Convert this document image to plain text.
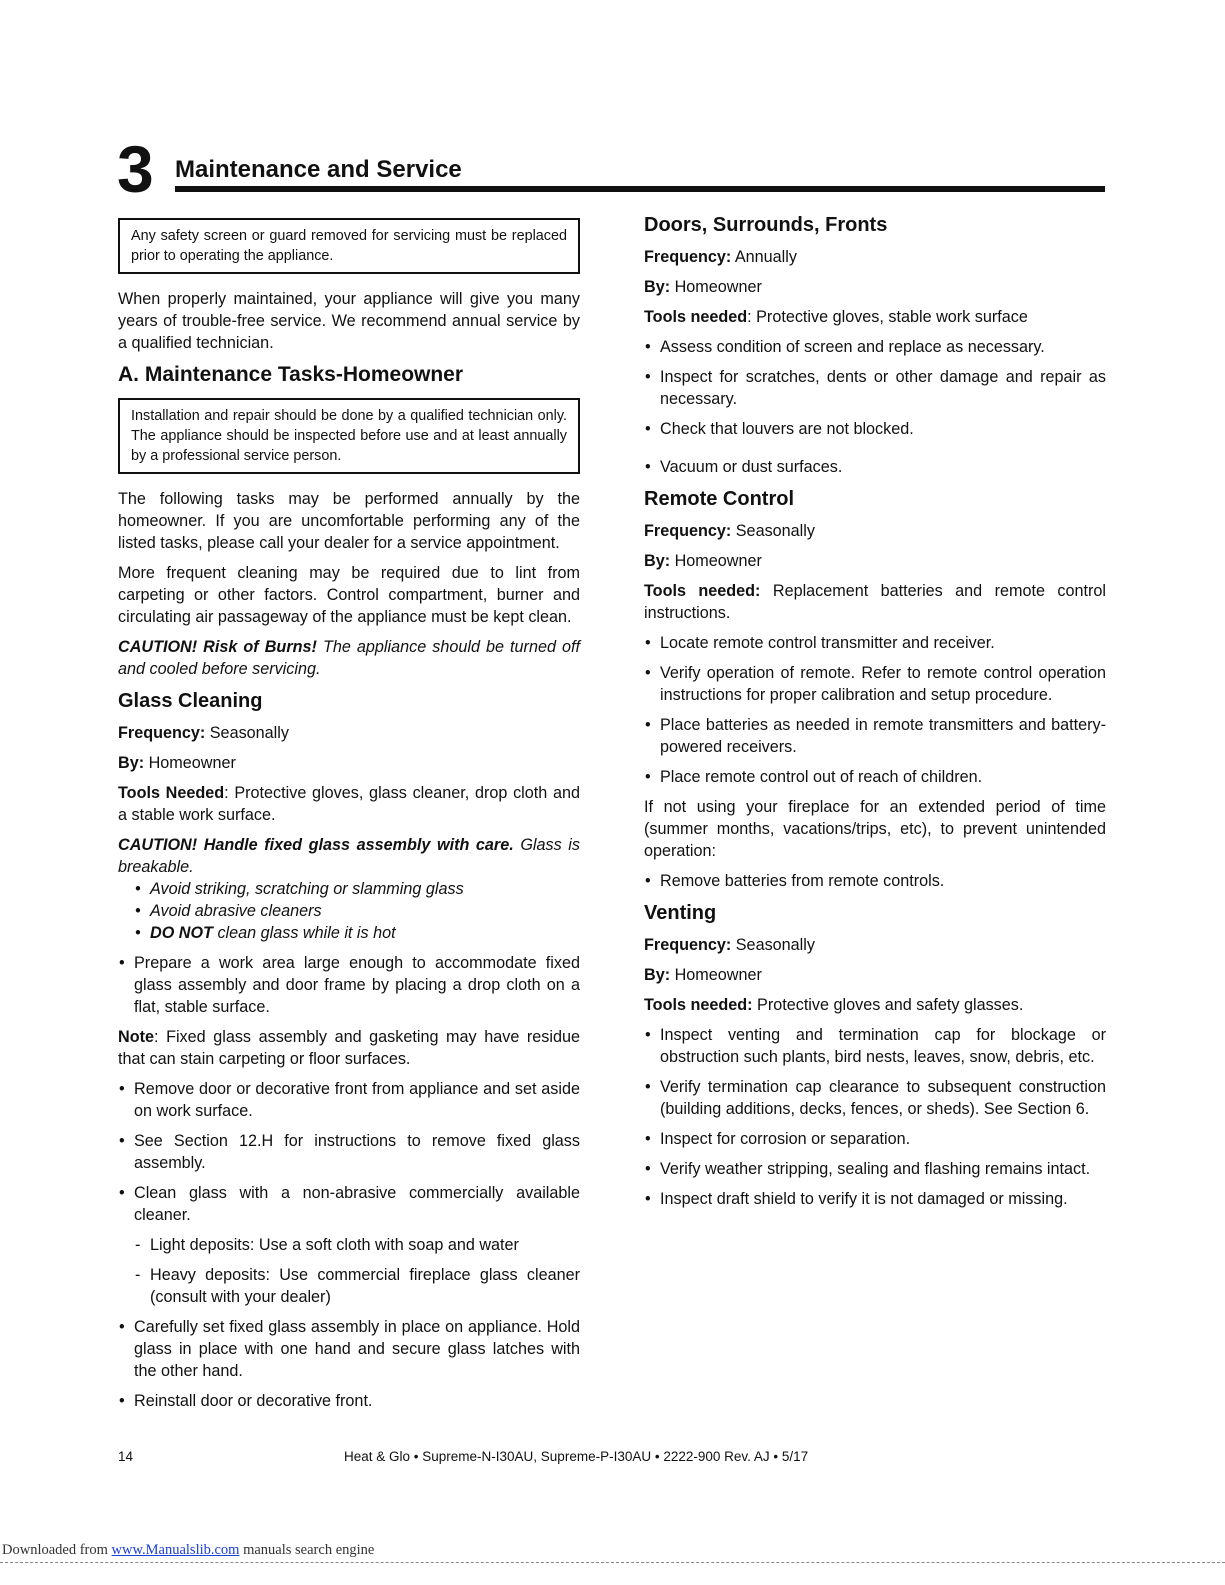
3 Maintenance and Service
Any safety screen or guard removed for servicing must be replaced prior to operating the appliance.

When properly maintained, your appliance will give you many years of trouble-free service. We recommend annual service by a qualified technician.

A. Maintenance Tasks-Homeowner
Installation and repair should be done by a qualified technician only. The appliance should be inspected before use and at least annually by a professional service person.

The following tasks may be performed annually by the homeowner. If you are uncomfortable performing any of the listed tasks, please call your dealer for a service appointment.

More frequent cleaning may be required due to lint from carpeting or other factors. Control compartment, burner and circulating air passageway of the appliance must be kept clean.

CAUTION! Risk of Burns! The appliance should be turned off and cooled before servicing.

Glass Cleaning

Frequency: Seasonally

By: Homeowner

Tools Needed: Protective gloves, glass cleaner, drop cloth and a stable work surface.

CAUTION! Handle fixed glass assembly with care. Glass is breakable.

• Avoid striking, scratching or slamming glass
• Avoid abrasive cleaners
• DO NOT clean glass while it is hot
• Prepare a work area large enough to accommodate fixed glass assembly and door frame by placing a drop cloth on a flat, stable surface.

Note: Fixed glass assembly and gasketing may have residue that can stain carpeting or floor surfaces.

• Remove door or decorative front from appliance and set aside on work surface.
• See Section 12.H for instructions to remove fixed glass assembly.
• Clean glass with a non-abrasive commercially available cleaner.
- Light deposits: Use a soft cloth with soap and water
- Heavy deposits: Use commercial fireplace glass cleaner (consult with your dealer)
• Carefully set fixed glass assembly in place on appliance. Hold glass in place with one hand and secure glass latches with the other hand.
• Reinstall door or decorative front.
Doors, Surrounds, Fronts

Frequency: Annually

By: Homeowner

Tools needed: Protective gloves, stable work surface

• Assess condition of screen and replace as necessary.
• Inspect for scratches, dents or other damage and repair as necessary.
• Check that louvers are not blocked.
• Vacuum or dust surfaces.
Remote Control

Frequency: Seasonally

By: Homeowner

Tools needed: Replacement batteries and remote control instructions.

• Locate remote control transmitter and receiver.
• Verify operation of remote. Refer to remote control operation instructions for proper calibration and setup procedure.
• Place batteries as needed in remote transmitters and battery-powered receivers.
• Place remote control out of reach of children.

If not using your fireplace for an extended period of time (summer months, vacations/trips, etc), to prevent unintended operation:

• Remove batteries from remote controls.
Venting

Frequency: Seasonally

By: Homeowner

Tools needed: Protective gloves and safety glasses.

• Inspect venting and termination cap for blockage or obstruction such plants, bird nests, leaves, snow, debris, etc.
• Verify termination cap clearance to subsequent construction (building additions, decks, fences, or sheds). See Section 6.
• Inspect for corrosion or separation.
• Verify weather stripping, sealing and flashing remains intact.
• Inspect draft shield to verify it is not damaged or missing.
14	Heat & Glo • Supreme-N-I30AU, Supreme-P-I30AU • 2222-900 Rev. AJ • 5/17
Downloaded from www.Manualslib.com manuals search engine
